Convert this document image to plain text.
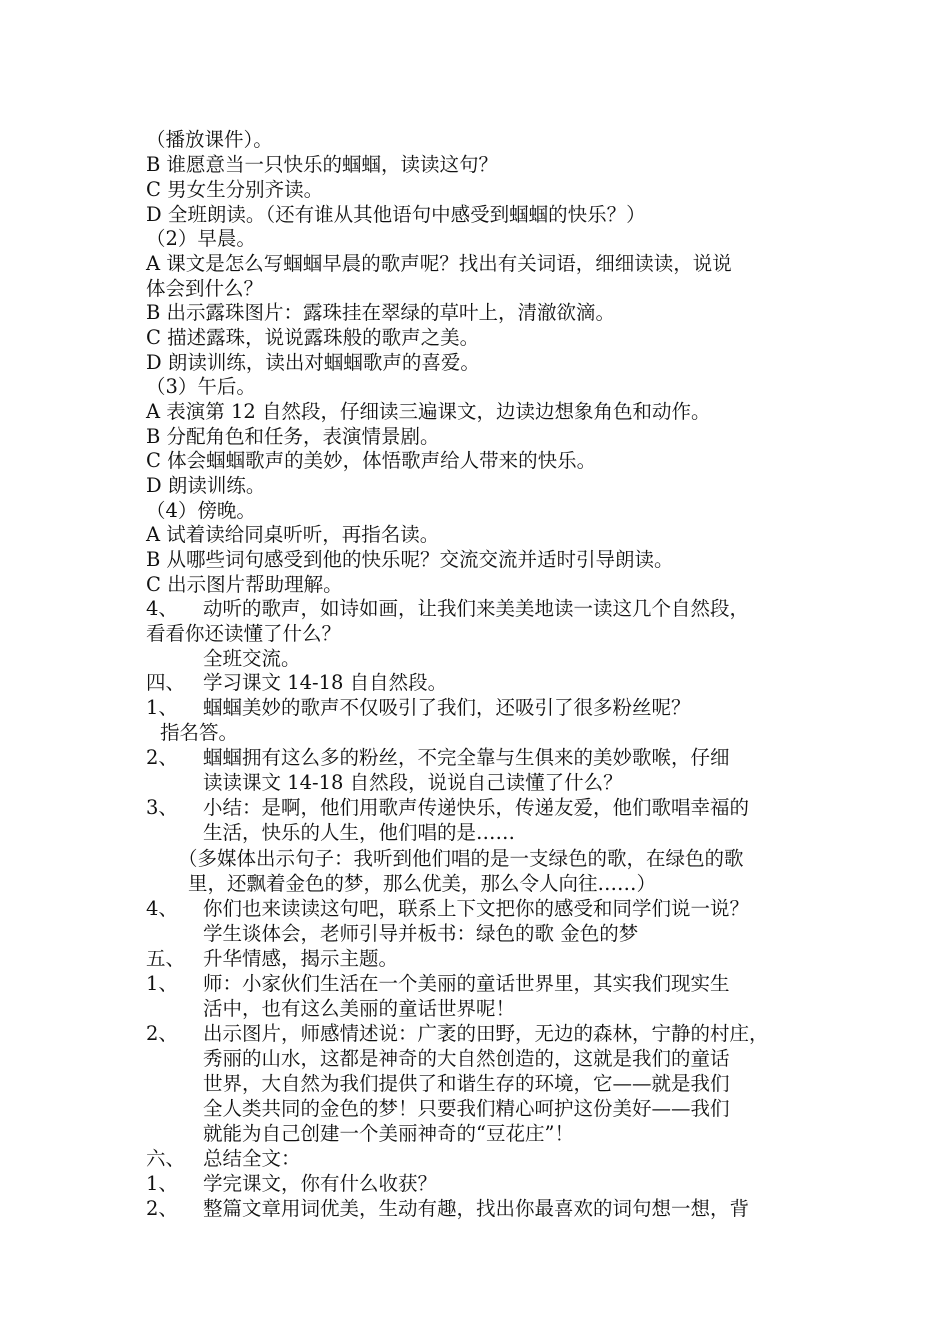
（播放课件）。
B 谁愿意当一只快乐的蝈蝈，读读这句？
C 男女生分别齐读。
D 全班朗读。（还有谁从其他语句中感受到蝈蝈的快乐？）
（2）早晨。
A 课文是怎么写蝈蝈早晨的歌声呢？找出有关词语，细细读读，说说
体会到什么？
B 出示露珠图片：露珠挂在翠绿的草叶上，清澈欲滴。
C 描述露珠，说说露珠般的歌声之美。
D 朗读训练，读出对蝈蝈歌声的喜爱。
（3）午后。
A 表演第 12 自然段，仔细读三遍课文，边读边想象角色和动作。
B 分配角色和任务，表演情景剧。
C 体会蝈蝈歌声的美妙，体悟歌声给人带来的快乐。
D 朗读训练。
（4）傍晚。
A 试着读给同桌听听，再指名读。
B 从哪些词句感受到他的快乐呢？交流交流并适时引导朗读。
C 出示图片帮助理解。
4、 动听的歌声，如诗如画，让我们来美美地读一读这几个自然段，
看看你还读懂了什么？
全班交流。
四、 学习课文 14-18 自自然段。
1、 蝈蝈美妙的歌声不仅吸引了我们，还吸引了很多粉丝呢？
指名答。
2、 蝈蝈拥有这么多的粉丝，不完全靠与生俱来的美妙歌喉，仔细
读读课文 14-18 自然段，说说自己读懂了什么？
3、 小结：是啊，他们用歌声传递快乐，传递友爱，他们歌唱幸福的
生活，快乐的人生，他们唱的是……
（多媒体出示句子：我听到他们唱的是一支绿色的歌，在绿色的歌
里，还飘着金色的梦，那么优美，那么令人向往……）
4、 你们也来读读这句吧，联系上下文把你的感受和同学们说一说？
学生谈体会，老师引导并板书：绿色的歌 金色的梦
五、 升华情感，揭示主题。
1、 师：小家伙们生活在一个美丽的童话世界里，其实我们现实生
活中，也有这么美丽的童话世界呢！
2、 出示图片，师感情述说：广袤的田野，无边的森林，宁静的村庄，
秀丽的山水，这都是神奇的大自然创造的，这就是我们的童话
世界，大自然为我们提供了和谐生存的环境，它——就是我们
全人类共同的金色的梦！只要我们精心呵护这份美好——我们
就能为自己创建一个美丽神奇的“豆花庄”！
六、 总结全文：
1、 学完课文，你有什么收获？
2、 整篇文章用词优美，生动有趣，找出你最喜欢的词句想一想，背
